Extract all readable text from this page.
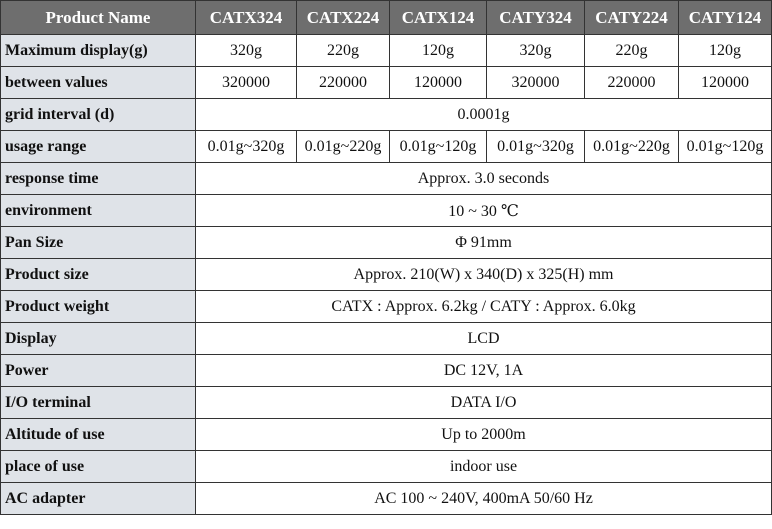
Product Name	CATX324	CATX224	CATX124	CATY324	CATY224	CATY124
Maximum display(g)	320g	220g	120g	320g	220g	120g
between values	320000	220000	120000	320000	220000	120000
grid interval (d)	0.0001g					
usage range	0.01g~320g	0.01g~220g	0.01g~120g	0.01g~320g	0.01g~220g	0.01g~120g
response time	Approx. 3.0 seconds					
environment	10 ~ 30 ℃					
Pan Size	Φ 91mm					
Product size	Approx. 210(W) x 340(D) x 325(H) mm					
Product weight	CATX : Approx. 6.2kg / CATY : Approx. 6.0kg					
Display	LCD					
Power	DC 12V, 1A					
I/O terminal	DATA I/O					
Altitude of use	Up to 2000m					
place of use	indoor use					
AC adapter	AC 100 ~ 240V, 400mA 50/60 Hz					
